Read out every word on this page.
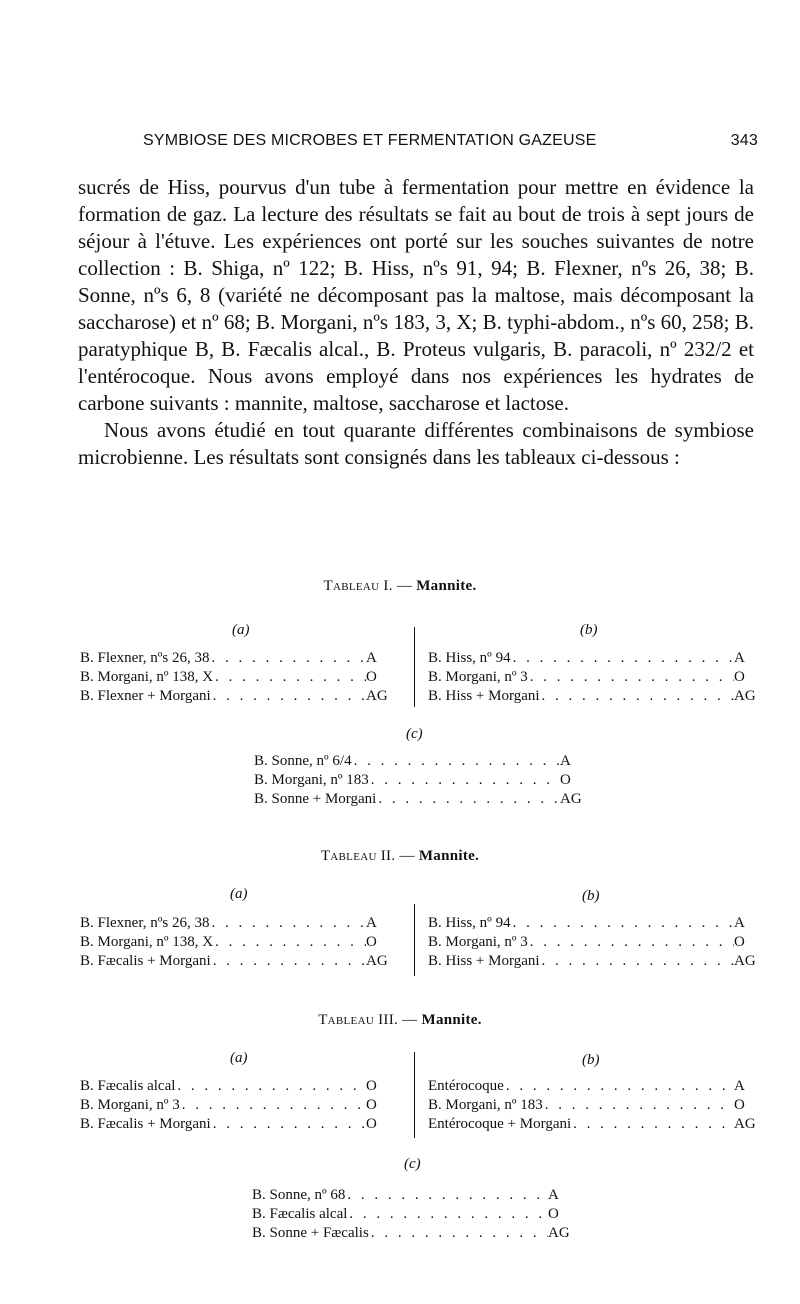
SYMBIOSE DES MICROBES ET FERMENTATION GAZEUSE	343

sucrés de Hiss, pourvus d'un tube à fermentation pour mettre en évidence la formation de gaz. La lecture des résultats se fait au bout de trois à sept jours de séjour à l'étuve. Les expériences ont porté sur les souches suivantes de notre collection : B. Shiga, nº 122; B. Hiss, nºs 91, 94; B. Flexner, nºs 26, 38; B. Sonne, nºs 6, 8 (variété ne décomposant pas la maltose, mais décomposant la saccharose) et nº 68; B. Morgani, nºs 183, 3, X; B. typhi-abdom., nºs 60, 258; B. paratyphique B, B. Fæcalis alcal., B. Proteus vulgaris, B. paracoli, nº 232/2 et l'entérocoque. Nous avons employé dans nos expériences les hydrates de carbone suivants : mannite, maltose, saccharose et lactose.

Nous avons étudié en tout quarante différentes combinaisons de symbiose microbienne. Les résultats sont consignés dans les tableaux ci-dessous :

Tableau I. — Mannite.
(a)	(b)
B. Flexner, nºs 26, 38 . . .	A
B. Morgani, nº 138, X . . .	O
B. Flexner + Morgani . . .	AG
B. Hiss, nº 94 . . .	A
B. Morgani, nº 3 . . .	O
B. Hiss + Morgani . . .	AG
(c)
B. Sonne, nº 6/4 . . .	A
B. Morgani, nº 183 . . .	O
B. Sonne + Morgani . . .	AG
Tableau II. — Mannite.
(a)	(b)
B. Flexner, nºs 26, 38 . . .	A
B. Morgani, nº 138, X . . .	O
B. Fæcalis + Morgani . . .	AG
B. Hiss, nº 94 . . .	A
B. Morgani, nº 3 . . .	O
B. Hiss + Morgani . . .	AG
Tableau III. — Mannite.
(a)	(b)
B. Fæcalis alcal . . .	O
B. Morgani, nº 3 . . .	O
B. Fæcalis + Morgani . . .	O
Entérocoque . . .	A
B. Morgani, nº 183 . . .	O
Entérocoque + Morgani . . .	AG
(c)
B. Sonne, nº 68 . . .	A
B. Fæcalis alcal . . .	O
B. Sonne + Fæcalis . . .	AG
